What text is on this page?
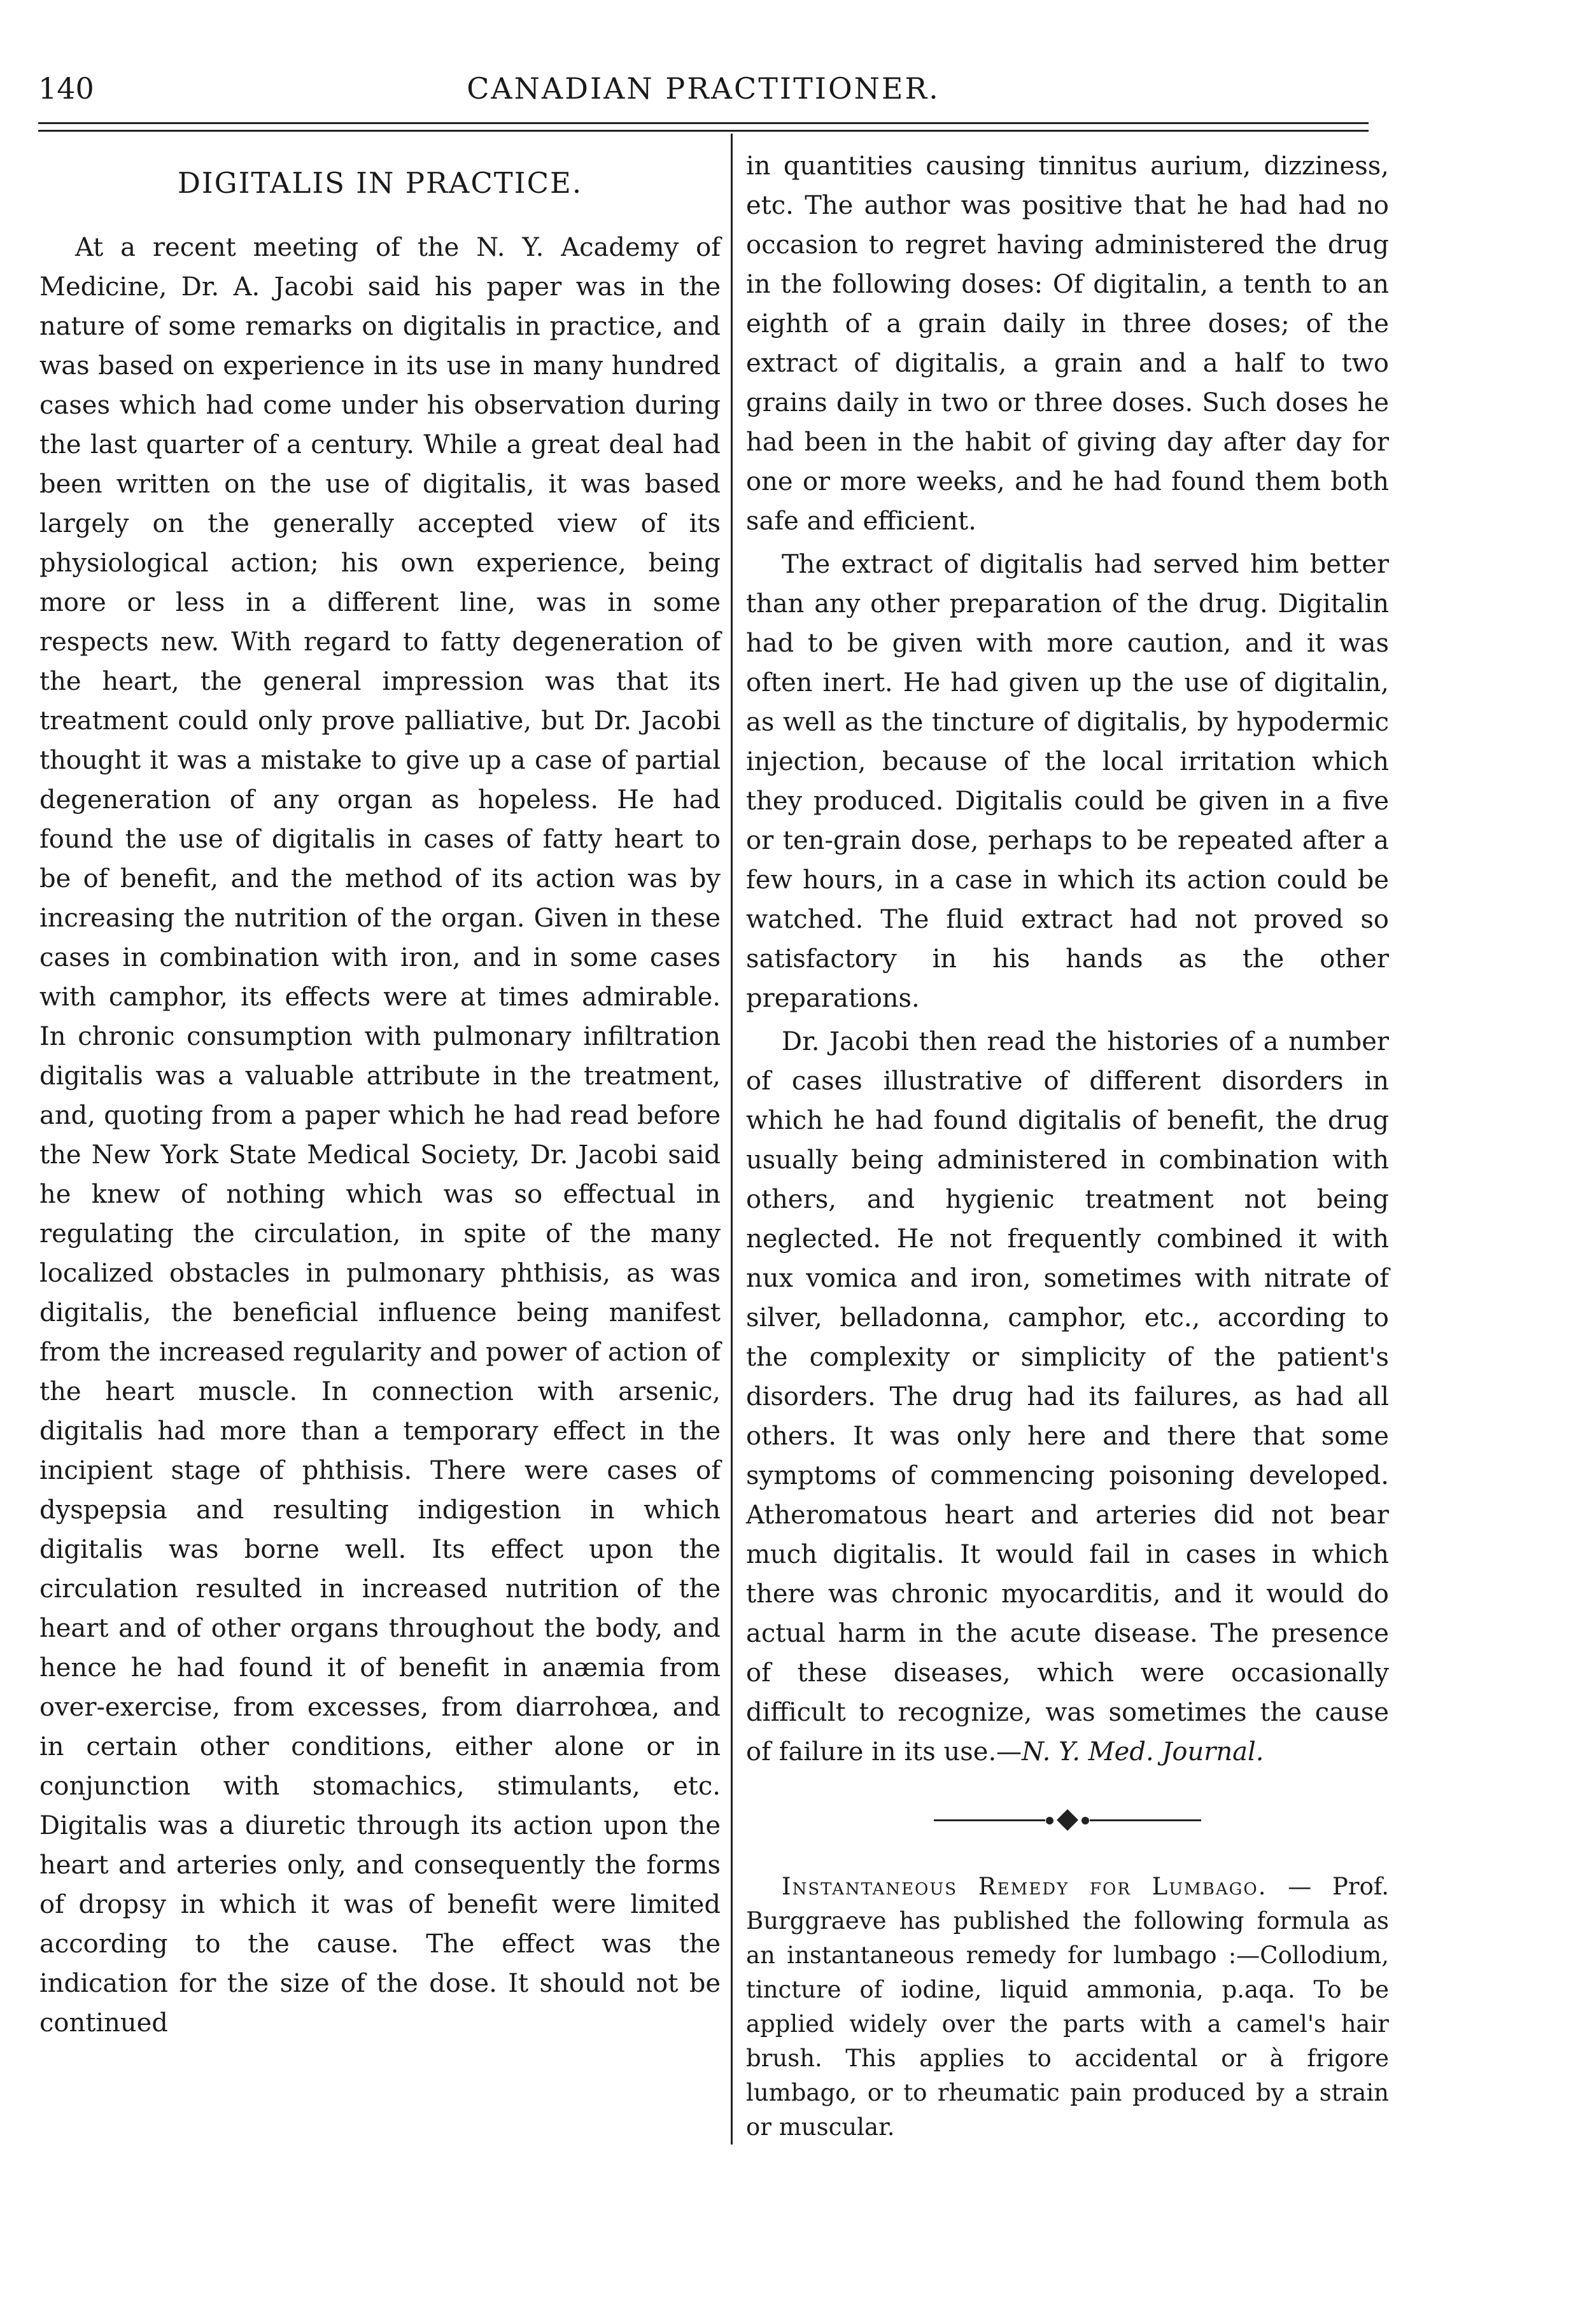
140	CANADIAN PRACTITIONER.
DIGITALIS IN PRACTICE.

At a recent meeting of the N. Y. Academy of Medicine, Dr. A. Jacobi said his paper was in the nature of some remarks on digitalis in practice, and was based on experience in its use in many hundred cases which had come under his observation during the last quarter of a century. While a great deal had been written on the use of digitalis, it was based largely on the generally accepted view of its physiological action; his own experience, being more or less in a different line, was in some respects new. With regard to fatty degeneration of the heart, the general impression was that its treatment could only prove palliative, but Dr. Jacobi thought it was a mistake to give up a case of partial degeneration of any organ as hopeless. He had found the use of digitalis in cases of fatty heart to be of benefit, and the method of its action was by increasing the nutrition of the organ. Given in these cases in combination with iron, and in some cases with camphor, its effects were at times admirable. In chronic consumption with pulmonary infiltration digitalis was a valuable attribute in the treatment, and, quoting from a paper which he had read before the New York State Medical Society, Dr. Jacobi said he knew of nothing which was so effectual in regulating the circulation, in spite of the many localized obstacles in pulmonary phthisis, as was digitalis, the beneficial influence being manifest from the increased regularity and power of action of the heart muscle. In connection with arsenic, digitalis had more than a temporary effect in the incipient stage of phthisis. There were cases of dyspepsia and resulting indigestion in which digitalis was borne well. Its effect upon the circulation resulted in increased nutrition of the heart and of other organs throughout the body, and hence he had found it of benefit in anæmia from over-exercise, from excesses, from diarrohœa, and in certain other conditions, either alone or in conjunction with stomachics, stimulants, etc. Digitalis was a diuretic through its action upon the heart and arteries only, and consequently the forms of dropsy in which it was of benefit were limited according to the cause. The effect was the indication for the size of the dose. It should not be continued

in quantities causing tinnitus aurium, dizziness, etc. The author was positive that he had had no occasion to regret having administered the drug in the following doses: Of digitalin, a tenth to an eighth of a grain daily in three doses; of the extract of digitalis, a grain and a half to two grains daily in two or three doses. Such doses he had been in the habit of giving day after day for one or more weeks, and he had found them both safe and efficient.

The extract of digitalis had served him better than any other preparation of the drug. Digitalin had to be given with more caution, and it was often inert. He had given up the use of digitalin, as well as the tincture of digitalis, by hypodermic injection, because of the local irritation which they produced. Digitalis could be given in a five or ten-grain dose, perhaps to be repeated after a few hours, in a case in which its action could be watched. The fluid extract had not proved so satisfactory in his hands as the other preparations.

Dr. Jacobi then read the histories of a number of cases illustrative of different disorders in which he had found digitalis of benefit, the drug usually being administered in combination with others, and hygienic treatment not being neglected. He not frequently combined it with nux vomica and iron, sometimes with nitrate of silver, belladonna, camphor, etc., according to the complexity or simplicity of the patient's disorders. The drug had its failures, as had all others. It was only here and there that some symptoms of commencing poisoning developed. Atheromatous heart and arteries did not bear much digitalis. It would fail in cases in which there was chronic myocarditis, and it would do actual harm in the acute disease. The presence of these diseases, which were occasionally difficult to recognize, was sometimes the cause of failure in its use.—N. Y. Med. Journal.

Instantaneous Remedy for Lumbago. — Prof. Burggraeve has published the following formula as an instantaneous remedy for lumbago :—Collodium, tincture of iodine, liquid ammonia, p.aqa. To be applied widely over the parts with a camel's hair brush. This applies to accidental or à frigore lumbago, or to rheumatic pain produced by a strain or muscular.
